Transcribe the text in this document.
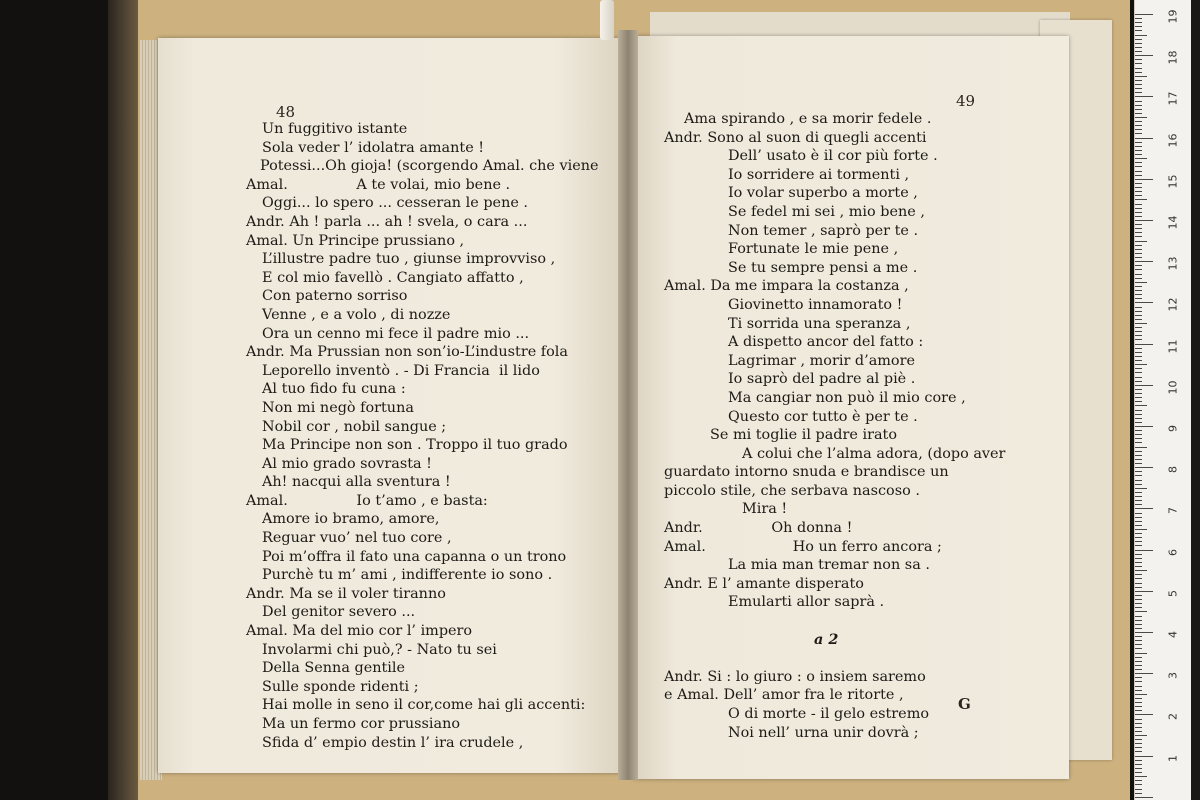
48
49
Un fuggitivo istante
Sola veder l’ idolatra amante !
Potessi...Oh gioja! (scorgendo Amal. che viene
Amal.               A te volai, mio bene .
Oggi... lo spero ... cesseran le pene .
Andr. Ah ! parla ... ah ! svela, o cara ...
Amal. Un Principe prussiano ,
L’illustre padre tuo , giunse improvviso ,
E col mio favellò . Cangiato affatto ,
Con paterno sorriso
Venne , e a volo , di nozze
Ora un cenno mi fece il padre mio ...
Andr. Ma Prussian non son’io-L’industre fola
Leporello inventò . - Di Francia  il lido
Al tuo fido fu cuna :
Non mi negò fortuna
Nobil cor , nobil sangue ;
Ma Principe non son . Troppo il tuo grado
Al mio grado sovrasta !
Ah! nacqui alla sventura !
Amal.               Io t’amo , e basta:
Amore io bramo, amore,
Reguar vuo’ nel tuo core ,
Poi m’offra il fato una capanna o un trono
Purchè tu m’ ami , indifferente io sono .
Andr. Ma se il voler tiranno
Del genitor severo ...
Amal. Ma del mio cor l’ impero
Involarmi chi può,? - Nato tu sei
Della Senna gentile
Sulle sponde ridenti ;
Hai molle in seno il cor,come hai gli accenti:
Ma un fermo cor prussiano
Sfida d’ empio destin l’ ira crudele ,
Ama spirando , e sa morir fedele .
Andr. Sono al suon di quegli accenti
Dell’ usato è il cor più forte .
Io sorridere ai tormenti ,
Io volar superbo a morte ,
Se fedel mi sei , mio bene ,
Non temer , saprò per te .
Fortunate le mie pene ,
Se tu sempre pensi a me .
Amal. Da me impara la costanza ,
Giovinetto innamorato !
Ti sorrida una speranza ,
A dispetto ancor del fatto :
Lagrimar , morir d’amore
Io saprò del padre al piè .
Ma cangiar non può il mio core ,
Questo cor tutto è per te .
Se mi toglie il padre irato
A colui che l’alma adora, (dopo aver
guardato intorno snuda e brandisce un
piccolo stile, che serbava nascoso .
Mira !
Andr.               Oh donna !
Amal.                   Ho un ferro ancora ;
La mia man tremar non sa .
Andr. E l’ amante disperato
Emularti allor saprà .
a 2
Andr. Si : lo giuro : o insiem saremo
e Amal. Dell’ amor fra le ritorte ,
O di morte - il gelo estremo
Noi nell’ urna unir dovrà ;
G
19
18
17
16
15
14
13
12
11
10
9
8
7
6
5
4
3
2
1
